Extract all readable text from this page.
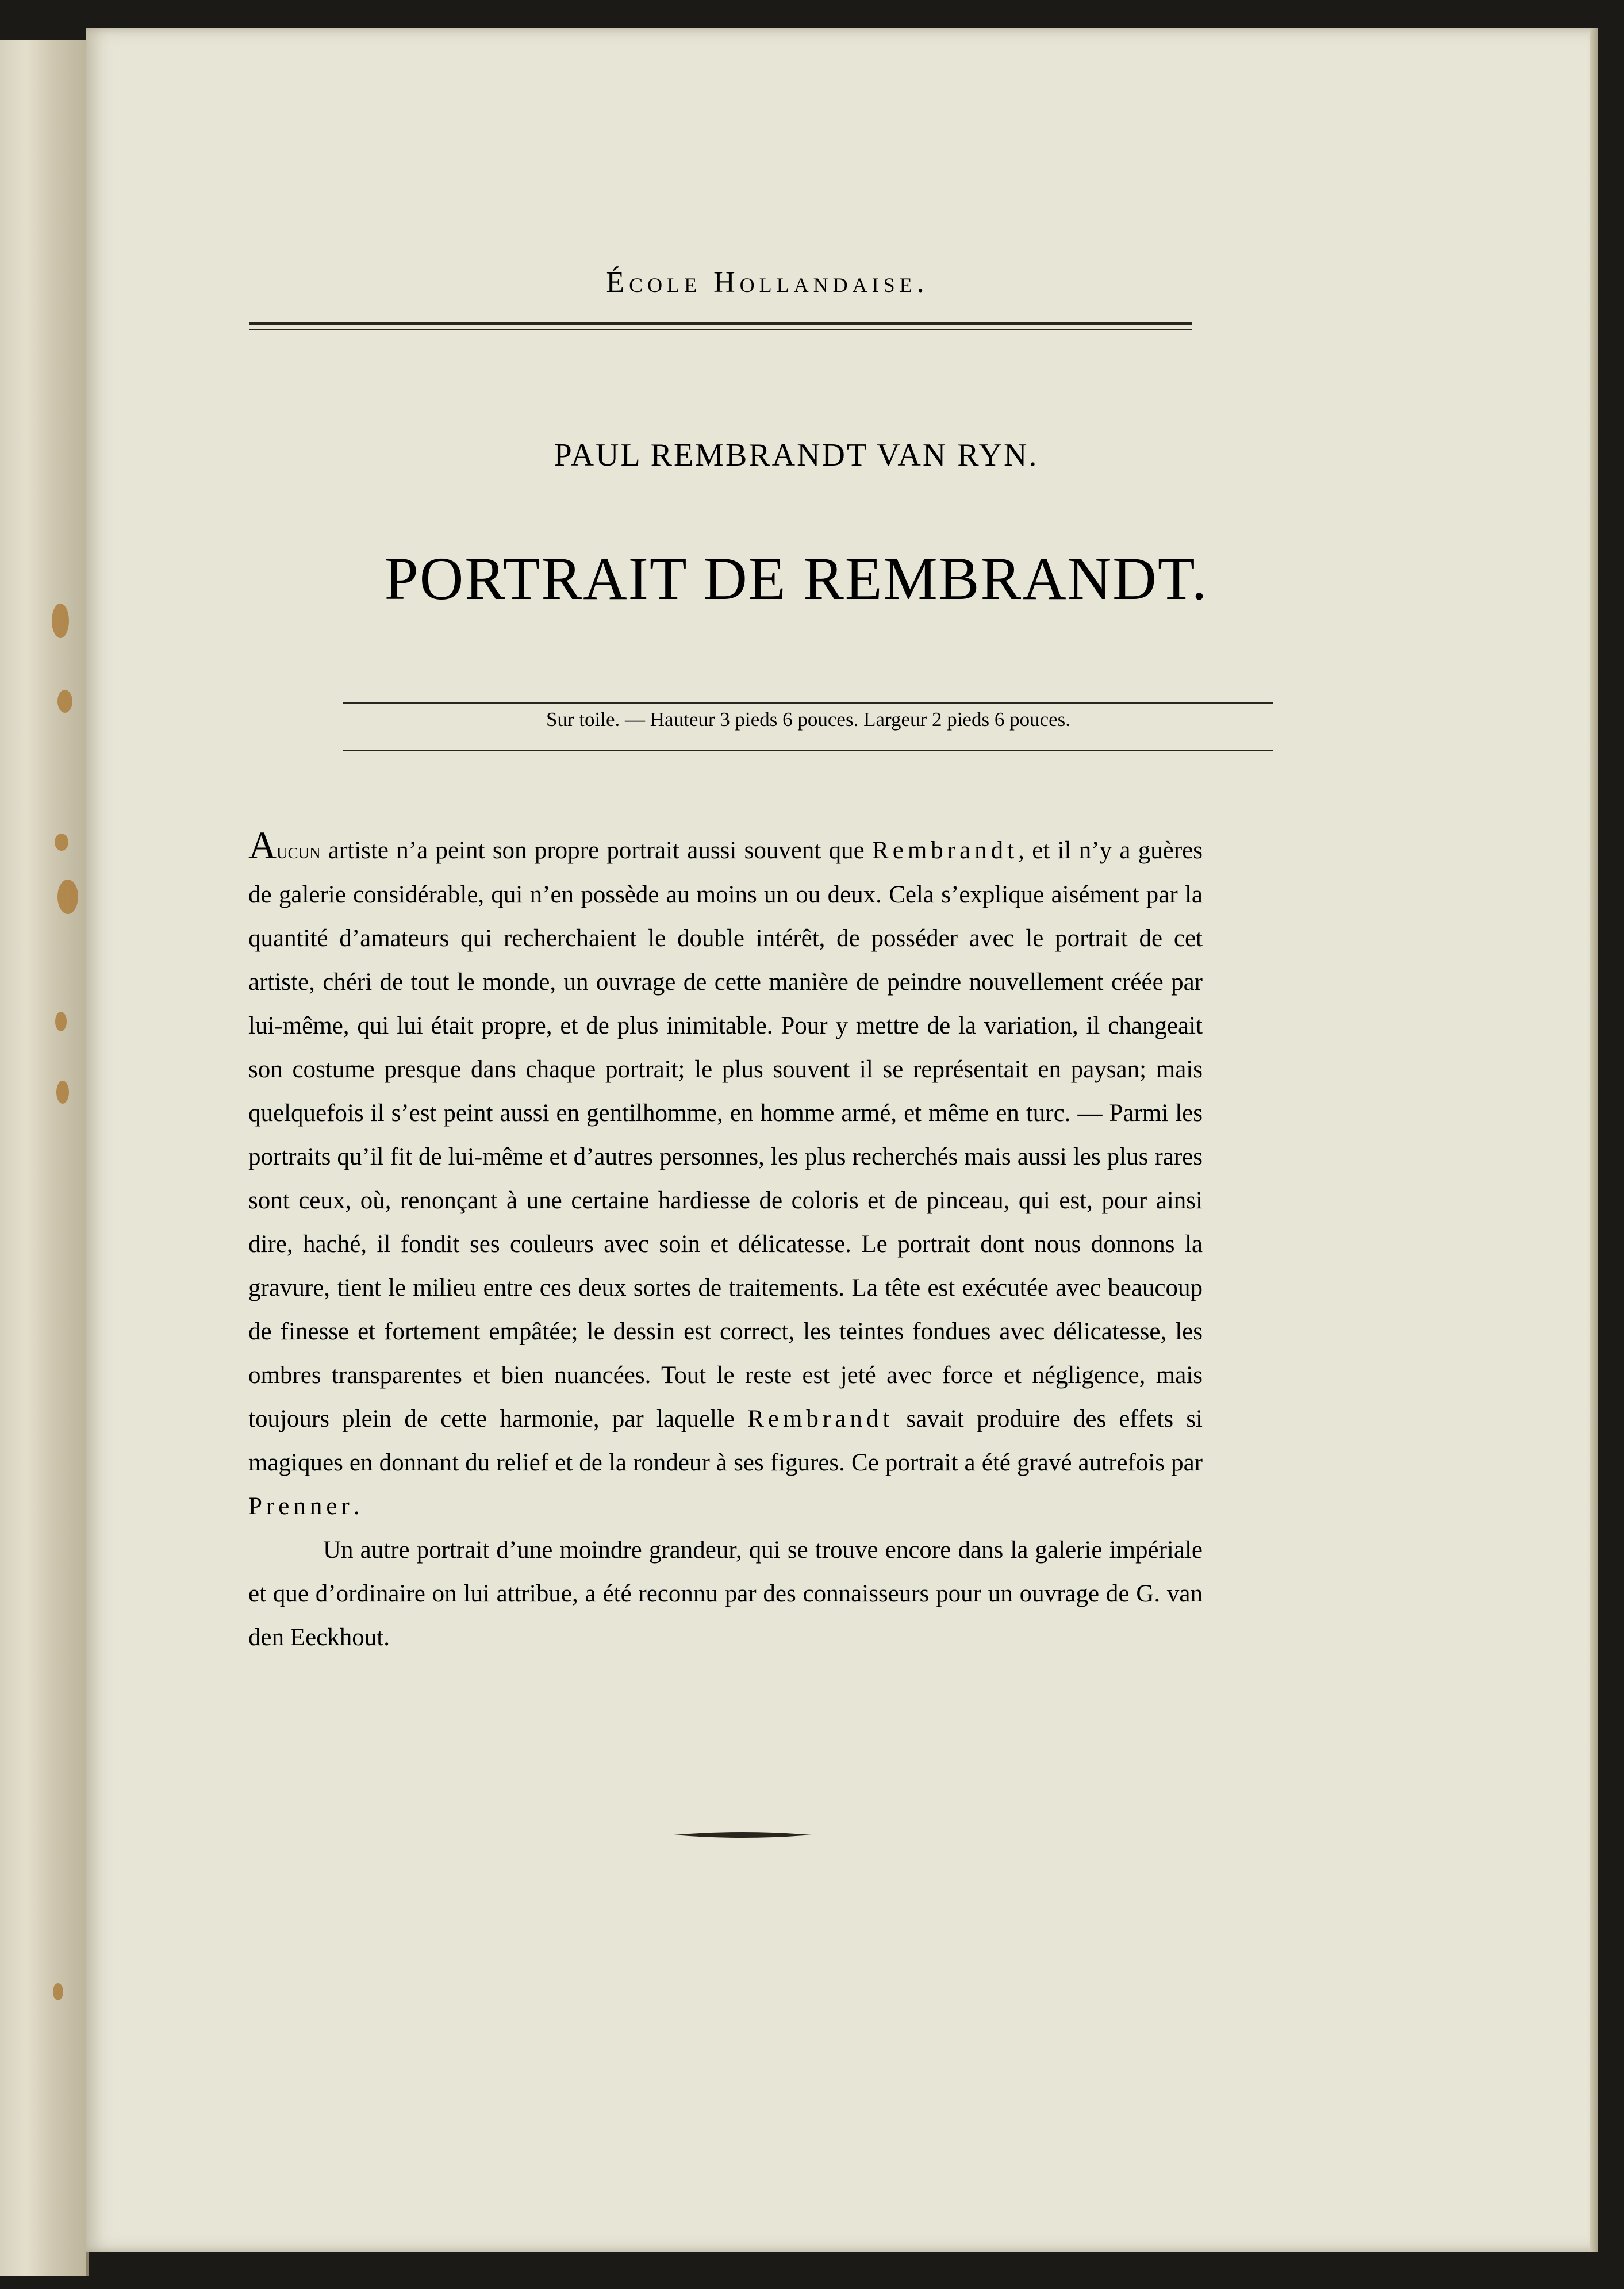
École Hollandaise.
PAUL REMBRANDT VAN RYN.
PORTRAIT DE REMBRANDT.
Sur toile. — Hauteur 3 pieds 6 pouces. Largeur 2 pieds 6 pouces.

Aucun artiste n’a peint son propre portrait aussi souvent que Rembrandt, et il n’y a guères de galerie considérable, qui n’en possède au moins un ou deux. Cela s’explique aisément par la quantité d’amateurs qui recherchaient le double intérêt, de posséder avec le portrait de cet artiste, chéri de tout le monde, un ouvrage de cette manière de peindre nouvellement créée par lui-même, qui lui était propre, et de plus inimitable. Pour y mettre de la variation, il changeait son costume presque dans chaque portrait; le plus souvent il se représentait en paysan; mais quelquefois il s’est peint aussi en gentilhomme, en homme armé, et même en turc. — Parmi les portraits qu’il fit de lui-même et d’autres personnes, les plus recherchés mais aussi les plus rares sont ceux, où, renonçant à une certaine hardiesse de coloris et de pinceau, qui est, pour ainsi dire, haché, il fondit ses couleurs avec soin et délicatesse. Le portrait dont nous donnons la gravure, tient le milieu entre ces deux sortes de traitements. La tête est exécutée avec beaucoup de finesse et fortement empâtée; le dessin est correct, les teintes fondues avec délicatesse, les ombres transparentes et bien nuancées. Tout le reste est jeté avec force et négligence, mais toujours plein de cette harmonie, par laquelle Rembrandt savait produire des effets si magiques en donnant du relief et de la rondeur à ses figures. Ce portrait a été gravé autrefois par Prenner.

Un autre portrait d’une moindre grandeur, qui se trouve encore dans la galerie impériale et que d’ordinaire on lui attribue, a été reconnu par des connaisseurs pour un ouvrage de G. van den Eeckhout.
